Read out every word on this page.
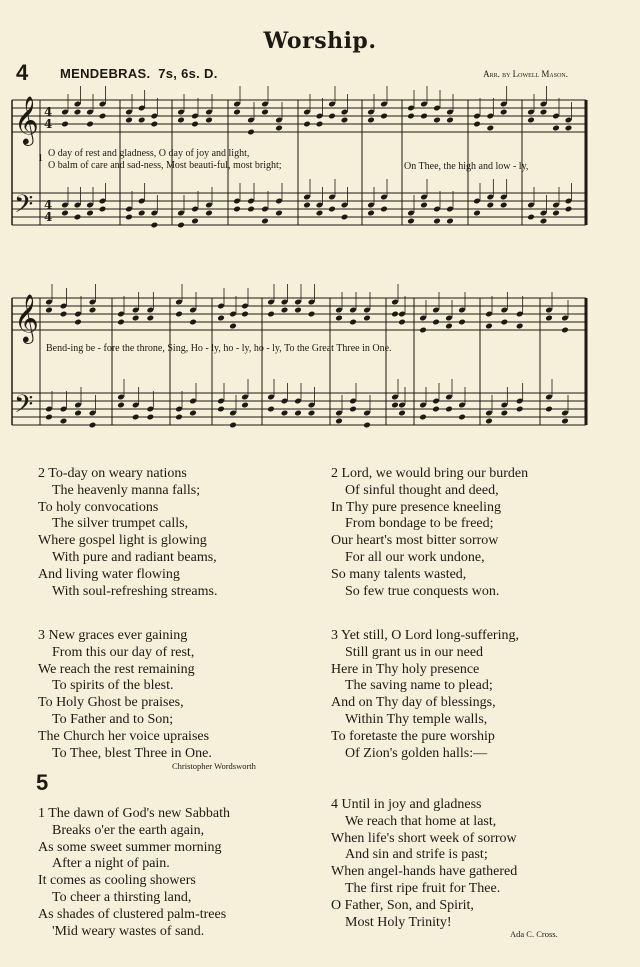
Worship.
4 MENDEBRAS. 7s, 6s. D.	Arr. by Lowell Mason.
𝄞
𝄢
𝄞
𝄢
4
4
4
4
1 O day of rest and gladness, O day of joy and light,
O balm of care and sad-ness, Most beauti-ful, most bright;	On Thee, the high and low - ly,
Bend-ing be - fore the throne, Sing, Ho - ly, ho - ly, ho - ly, To the Great Three in One.
2 To-day on weary nations
The heavenly manna falls;
To holy convocations
The silver trumpet calls,
Where gospel light is glowing
With pure and radiant beams,
And living water flowing
With soul-refreshing streams.
3 New graces ever gaining
From this our day of rest,
We reach the rest remaining
To spirits of the blest.
To Holy Ghost be praises,
To Father and to Son;
The Church her voice upraises
To Thee, blest Three in One.
2 Lord, we would bring our burden
Of sinful thought and deed,
In Thy pure presence kneeling
From bondage to be freed;
Our heart's most bitter sorrow
For all our work undone,
So many talents wasted,
So few true conquests won.
3 Yet still, O Lord long-suffering,
Still grant us in our need
Here in Thy holy presence
The saving name to plead;
And on Thy day of blessings,
Within Thy temple walls,
To foretaste the pure worship
Of Zion's golden halls:—
Christopher Wordsworth
5
1 The dawn of God's new Sabbath
Breaks o'er the earth again,
As some sweet summer morning
After a night of pain.
It comes as cooling showers
To cheer a thirsting land,
As shades of clustered palm-trees
'Mid weary wastes of sand.
4 Until in joy and gladness
We reach that home at last,
When life's short week of sorrow
And sin and strife is past;
When angel-hands have gathered
The first ripe fruit for Thee.
O Father, Son, and Spirit,
Most Holy Trinity!
Ada C. Cross.
